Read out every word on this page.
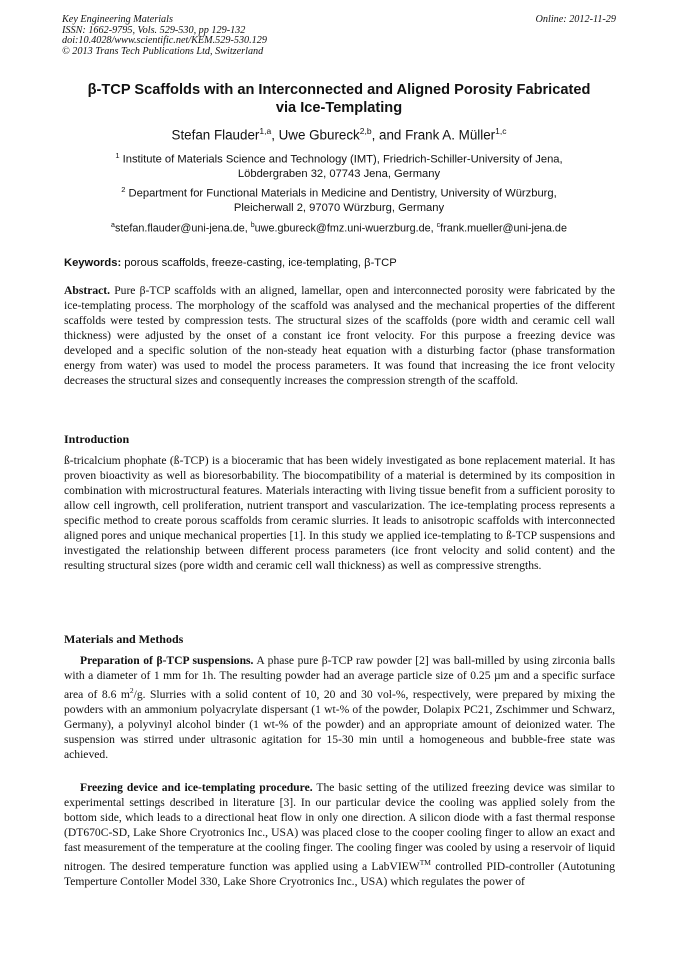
Key Engineering Materials
ISSN: 1662-9795, Vols. 529-530, pp 129-132
doi:10.4028/www.scientific.net/KEM.529-530.129
© 2013 Trans Tech Publications Ltd, Switzerland
Online: 2012-11-29
β-TCP Scaffolds with an Interconnected and Aligned Porosity Fabricated
via Ice-Templating
Stefan Flauder$^{1,a}$, Uwe Gbureck$^{2,b}$, and Frank A. Müller$^{1,c}$
$^1$ Institute of Materials Science and Technology (IMT), Friedrich-Schiller-University of Jena,
Löbdergraben 32, 07743 Jena, Germany
$^2$ Department for Functional Materials in Medicine and Dentistry, University of Würzburg,
Pleicherwall 2, 97070 Würzburg, Germany
$^a$stefan.flauder@uni-jena.de, $^b$uwe.gbureck@fmz.uni-wuerzburg.de, $^c$frank.mueller@uni-jena.de
Keywords: porous scaffolds, freeze-casting, ice-templating, β-TCP
Abstract. Pure β-TCP scaffolds with an aligned, lamellar, open and interconnected porosity were fabricated by the ice-templating process. The morphology of the scaffold was analysed and the mechanical properties of the different scaffolds were tested by compression tests. The structural sizes of the scaffolds (pore width and ceramic cell wall thickness) were adjusted by the onset of a constant ice front velocity. For this purpose a freezing device was developed and a specific solution of the non-steady heat equation with a disturbing factor (phase transformation energy from water) was used to model the process parameters. It was found that increasing the ice front velocity decreases the structural sizes and consequently increases the compression strength of the scaffold.
Introduction
ß-tricalcium phophate (ß-TCP) is a bioceramic that has been widely investigated as bone replacement material. It has proven bioactivity as well as bioresorbability. The biocompatibility of a material is determined by its composition in combination with microstructural features. Materials interacting with living tissue benefit from a sufficient porosity to allow cell ingrowth, cell proliferation, nutrient transport and vascularization. The ice-templating process represents a specific method to create porous scaffolds from ceramic slurries. It leads to anisotropic scaffolds with interconnected aligned pores and unique mechanical properties [1]. In this study we applied ice-templating to ß-TCP suspensions and investigated the relationship between different process parameters (ice front velocity and solid content) and the resulting structural sizes (pore width and ceramic cell wall thickness) as well as compressive strengths.
Materials and Methods
Preparation of β-TCP suspensions. A phase pure β-TCP raw powder [2] was ball-milled by using zirconia balls with a diameter of 1 mm for 1h. The resulting powder had an average particle size of 0.25 µm and a specific surface area of 8.6 $m^2/g$. Slurries with a solid content of 10, 20 and 30 vol-%, respectively, were prepared by mixing the powders with an ammonium polyacrylate dispersant (1 wt-% of the powder, Dolapix PC21, Zschimmer und Schwarz, Germany), a polyvinyl alcohol binder (1 wt-% of the powder) and an appropriate amount of deionized water. The suspension was stirred under ultrasonic agitation for 15-30 min until a homogeneous and bubble-free state was achieved.
Freezing device and ice-templating procedure. The basic setting of the utilized freezing device was similar to experimental settings described in literature [3]. In our particular device the cooling was applied solely from the bottom side, which leads to a directional heat flow in only one direction. A silicon diode with a fast thermal response (DT670C-SD, Lake Shore Cryotronics Inc., USA) was placed close to the cooper cooling finger to allow an exact and fast measurement of the temperature at the cooling finger. The cooling finger was cooled by using a reservoir of liquid nitrogen. The desired temperature function was applied using a LabVIEW™ controlled PID-controller (Autotuning Temperture Contoller Model 330, Lake Shore Cryotronics Inc., USA) which regulates the power of
